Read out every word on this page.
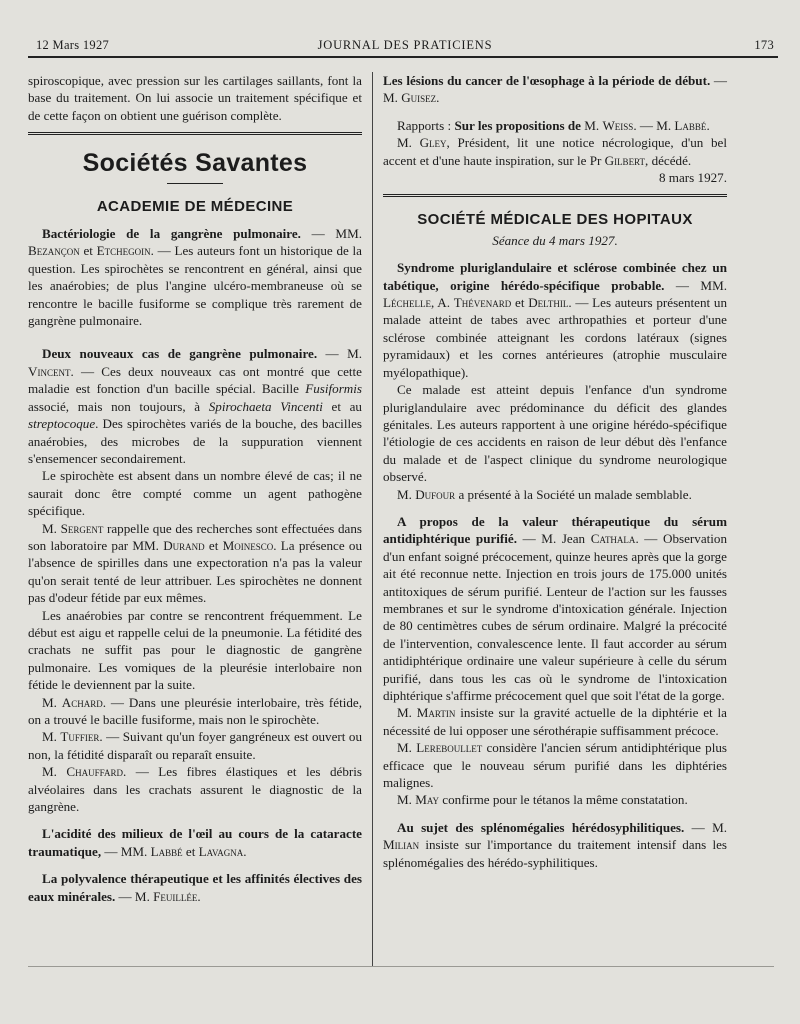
12 Mars 1927	JOURNAL DES PRATICIENS	173

spiroscopique, avec pression sur les cartilages saillants, font la base du traitement. On lui associe un traitement spécifique et de cette façon on obtient une guérison complète.

Sociétés Savantes
ACADEMIE DE MÉDECINE

Bactériologie de la gangrène pulmonaire. — MM. Bezançon et Etchegoin. — Les auteurs font un historique de la question. Les spirochètes se rencontrent en général, ainsi que les anaérobies; de plus l'angine ulcéro-membraneuse où se rencontre le bacille fusiforme se complique très rarement de gangrène pulmonaire.

Deux nouveaux cas de gangrène pulmonaire. — M. Vincent. — Ces deux nouveaux cas ont montré que cette maladie est fonction d'un bacille spécial. Bacille Fusiformis associé, mais non toujours, à Spirochaeta Vincenti et au streptocoque. Des spirochètes variés de la bouche, des bacilles anaérobies, des microbes de la suppuration viennent s'ensemencer secondairement.

Le spirochète est absent dans un nombre élevé de cas; il ne saurait donc être compté comme un agent pathogène spécifique.

M. Sergent rappelle que des recherches sont effectuées dans son laboratoire par MM. Durand et Moinesco. La présence ou l'absence de spirilles dans une expectoration n'a pas la valeur qu'on serait tenté de leur attribuer. Les spirochètes ne donnent pas d'odeur fétide par eux mêmes.

Les anaérobies par contre se rencontrent fréquemment. Le début est aigu et rappelle celui de la pneumonie. La fétidité des crachats ne suffit pas pour le diagnostic de gangrène pulmonaire. Les vomiques de la pleurésie interlobaire non fétide le deviennent par la suite.

M. Achard. — Dans une pleurésie interlobaire, très fétide, on a trouvé le bacille fusiforme, mais non le spirochète.

M. Tuffier. — Suivant qu'un foyer gangréneux est ouvert ou non, la fétidité disparaît ou reparaît ensuite.

M. Chauffard. — Les fibres élastiques et les débris alvéolaires dans les crachats assurent le diagnostic de la gangrène.

L'acidité des milieux de l'œil au cours de la cataracte traumatique, — MM. Labbé et Lavagna.

La polyvalence thérapeutique et les affinités électives des eaux minérales. — M. Feuillée.

Les lésions du cancer de l'œsophage à la période de début. — M. Guisez.

Rapports : Sur les propositions de M. Weiss. — M. Labbé.

M. Gley, Président, lit une notice nécrologique, d'un bel accent et d'une haute inspiration, sur le Pr Gilbert, décédé.
8 mars 1927.

SOCIÉTÉ MÉDICALE DES HOPITAUX

Séance du 4 mars 1927.

Syndrome pluriglandulaire et sclérose combinée chez un tabétique, origine hérédo-spécifique probable. — MM. Léchelle, A. Thévenard et Delthil. — Les auteurs présentent un malade atteint de tabes avec arthropathies et porteur d'une sclérose combinée atteignant les cordons latéraux (signes pyramidaux) et les cornes antérieures (atrophie musculaire myélopathique).

Ce malade est atteint depuis l'enfance d'un syndrome pluriglandulaire avec prédominance du déficit des glandes génitales. Les auteurs rapportent à une origine hérédo-spécifique l'étiologie de ces accidents en raison de leur début dès l'enfance du malade et de l'aspect clinique du syndrome neurologique observé.

M. Dufour a présenté à la Société un malade semblable.

A propos de la valeur thérapeutique du sérum antidiphtérique purifié. — M. Jean Cathala. — Observation d'un enfant soigné précocement, quinze heures après que la gorge ait été reconnue nette. Injection en trois jours de 175.000 unités antitoxiques de sérum purifié. Lenteur de l'action sur les fausses membranes et sur le syndrome d'intoxication générale. Injection de 80 centimètres cubes de sérum ordinaire. Malgré la précocité de l'intervention, convalescence lente. Il faut accorder au sérum antidiphtérique ordinaire une valeur supérieure à celle du sérum purifié, dans tous les cas où le syndrome de l'intoxication diphtérique s'affirme précocement quel que soit l'état de la gorge.

M. Martin insiste sur la gravité actuelle de la diphtérie et la nécessité de lui opposer une sérothérapie suffisamment précoce.

M. Lereboullet considère l'ancien sérum antidiphtérique plus efficace que le nouveau sérum purifié dans les diphtéries malignes.

M. May confirme pour le tétanos la même constatation.

Au sujet des splénomégalies hérédosyphilitiques. — M. Milian insiste sur l'importance du traitement intensif dans les splénomégalies des hérédo-syphilitiques.
